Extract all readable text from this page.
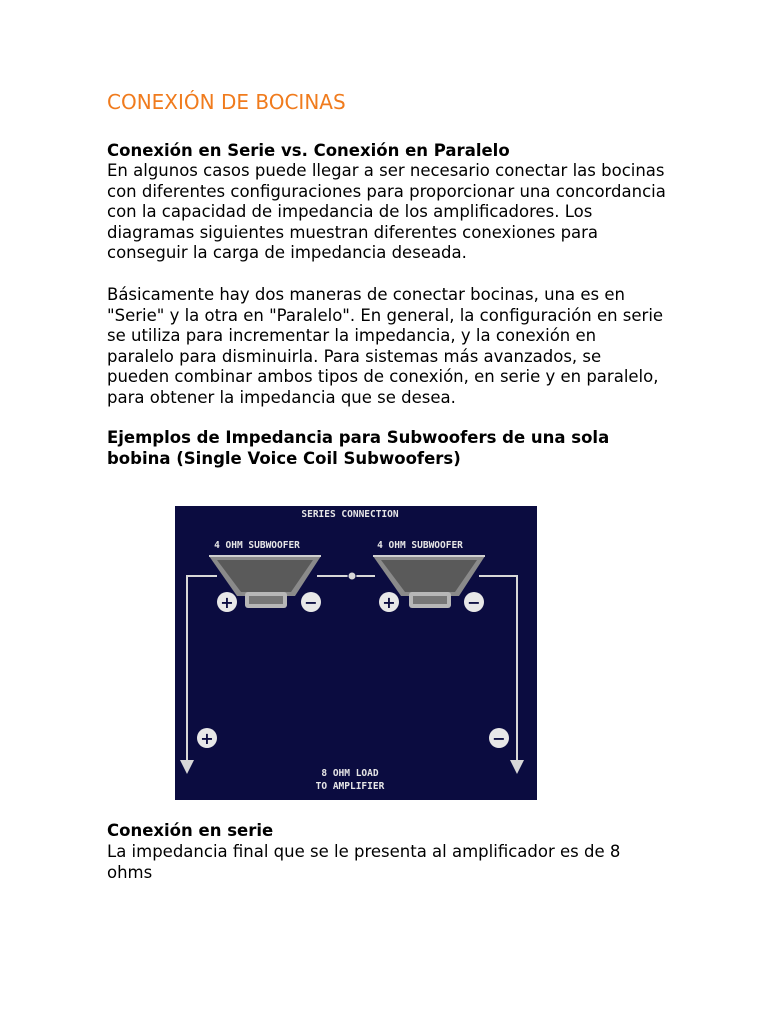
CONEXIÓN DE BOCINAS
Conexión en Serie vs. Conexión en Paralelo

En algunos casos puede llegar a ser necesario conectar las bocinas con diferentes configuraciones para proporcionar una concordancia con la capacidad de impedancia de los amplificadores. Los diagramas siguientes muestran diferentes conexiones para conseguir la carga de impedancia deseada.

Básicamente hay dos maneras de conectar bocinas, una es en "Serie" y la otra en "Paralelo". En general, la configuración en serie se utiliza para incrementar la impedancia, y la conexión en paralelo para disminuirla. Para sistemas más avanzados, se pueden combinar ambos tipos de conexión, en serie y en paralelo, para obtener la impedancia que se desea.

Ejemplos de Impedancia para Subwoofers de una sola bobina (Single Voice Coil Subwoofers)
Conexión en serie

La impedancia final que se le presenta al amplificador es de 8 ohms

SERIES CONNECTION
4 OHM SUBWOOFER	4 OHM SUBWOOFER
8 OHM LOAD
TO AMPLIFIER
+	−	+	−
+	−
